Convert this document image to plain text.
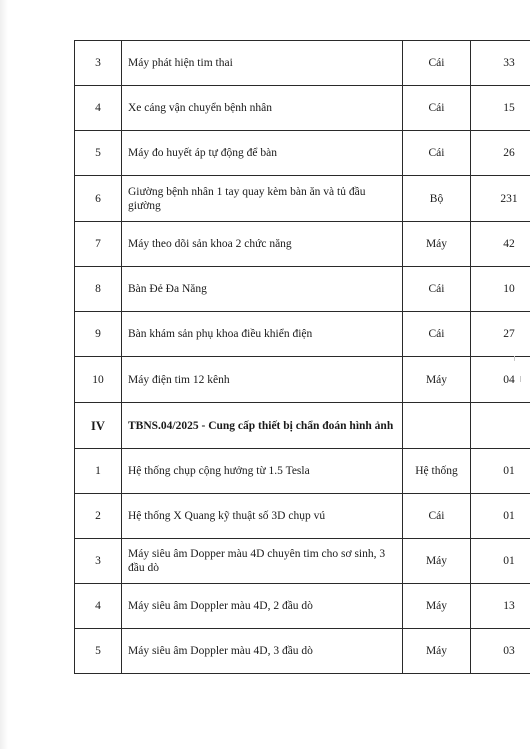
3	Máy phát hiện tim thai	Cái	33
4	Xe cáng vận chuyển bệnh nhân	Cái	15
5	Máy đo huyết áp tự động để bàn	Cái	26
6	Giường bệnh nhân 1 tay quay kèm bàn ăn và tủ đầu giường	Bộ	231
7	Máy theo dõi sản khoa 2 chức năng	Máy	42
8	Bàn Đẻ Đa Năng	Cái	10
9	Bàn khám sản phụ khoa điều khiển điện	Cái	27
10	Máy điện tim 12 kênh	Máy	04
IV	TBNS.04/2025 - Cung cấp thiết bị chẩn đoán hình ảnh		
1	Hệ thống chụp cộng hưởng từ 1.5 Tesla	Hệ thống	01
2	Hệ thống X Quang kỹ thuật số 3D chụp vú	Cái	01
3	Máy siêu âm Dopper màu 4D chuyên tim cho sơ sinh, 3 đầu dò	Máy	01
4	Máy siêu âm Doppler màu 4D, 2 đầu dò	Máy	13
5	Máy siêu âm Doppler màu 4D, 3 đầu dò	Máy	03
